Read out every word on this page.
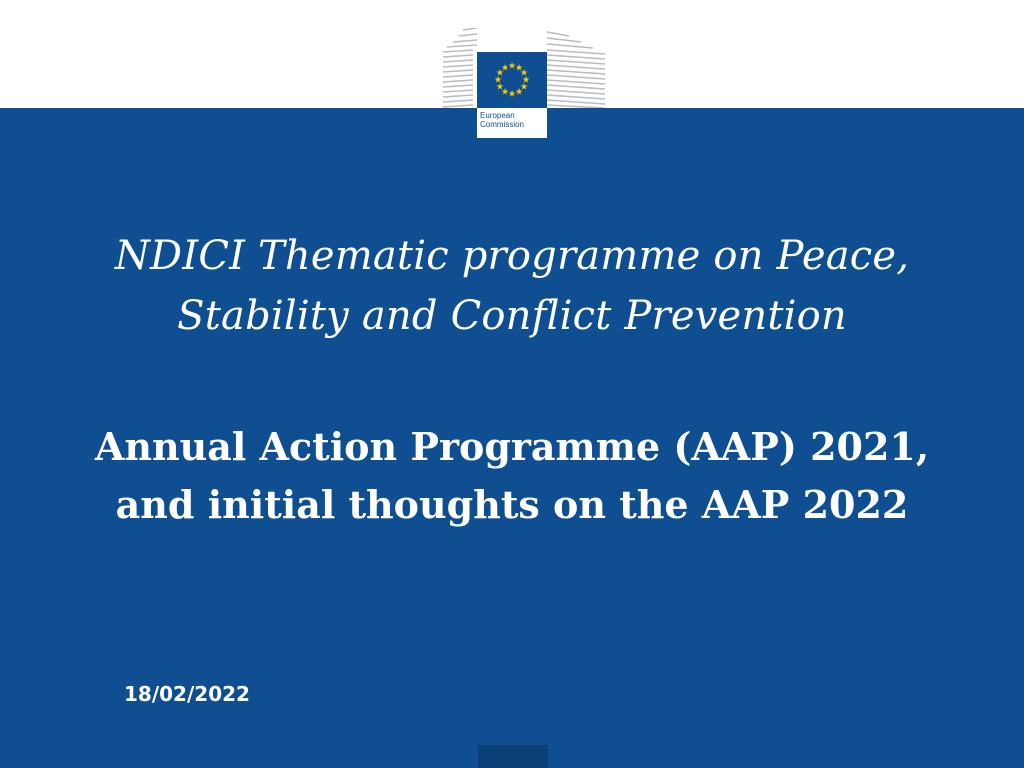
★
★
★
★
★
★
★
★
★
★
★
★
European
Commission
NDICI Thematic programme on Peace,
Stability and Conflict Prevention
Annual Action Programme (AAP) 2021,
and initial thoughts on the AAP 2022
18/02/2022
